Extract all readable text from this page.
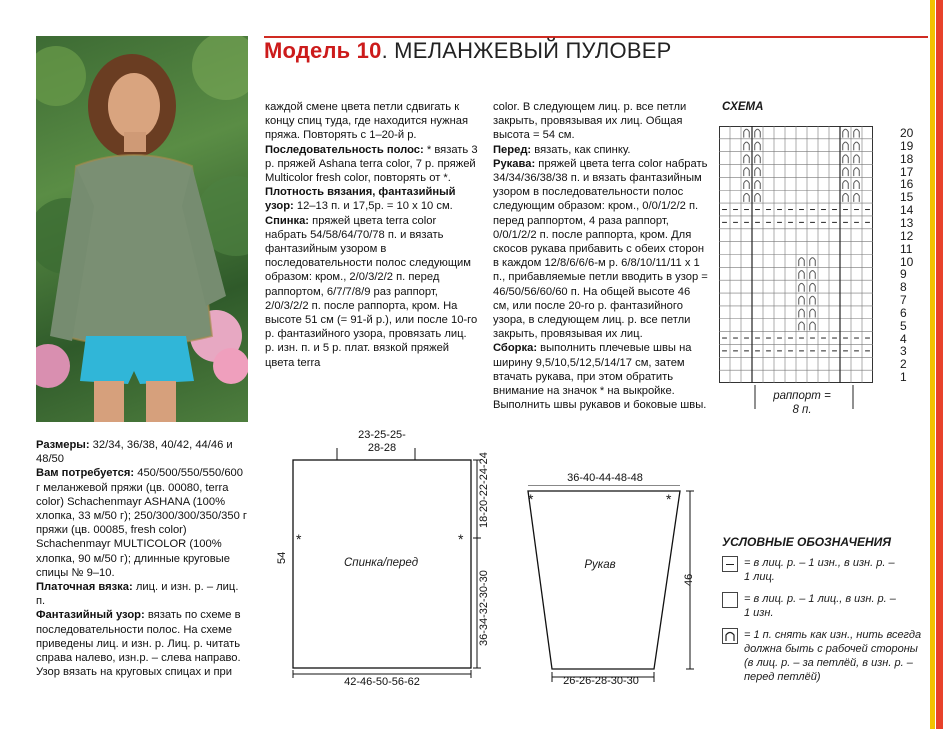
Модель 10. МЕЛАНЖЕВЫЙ ПУЛОВЕР

Размеры: 32/34, 36/38, 40/42, 44/46 и 48/50

Вам потребуется: 450/500/550/550/600 г меланжевой пряжи (цв. 00080, terra color) Schachenmayr ASHANA (100% хлопка, 33 м/50 г); 250/300/300/350/350 г пряжи (цв. 00085, fresh color) Schachenmayr MULTICOLOR (100% хлопка, 90 м/50 г); длинные круговые спицы № 9–10.

Платочная вязка: лиц. и изн. р. – лиц. п.

Фантазийный узор: вязать по схеме в последовательности полос. На схеме приведены лиц. и изн. р. Лиц. р. читать справа налево, изн.р. – слева направо. Узор вязать на круговых спицах и при

каждой смене цвета петли сдвигать к концу спиц туда, где находится нужная пряжа. Повторять с 1–20-й р.

Последовательность полос: * вязать 3 р. пряжей Ashana terra color, 7 р. пряжей Multicolor fresh color, повторять от *.

Плотность вязания, фантазийный узор: 12–13 п. и 17,5р. = 10 х 10 см.

Спинка: пряжей цвета terra color набрать 54/58/64/70/78 п. и вязать фантазийным узором в последовательности полос следующим образом: кром., 2/0/3/2/2 п. перед раппортом, 6/7/7/8/9 раз раппорт, 2/0/3/2/2 п. после раппорта, кром. На высоте 51 см (= 91-й р.), или после 10-го р. фантазийного узора, провязать лиц. р. изн. п. и 5 р. плат. вязкой пряжей цвета terra

color. В следующем лиц. р. все петли закрыть, провязывая их лиц. Общая высота = 54 см.

Перед: вязать, как спинку.

Рукава: пряжей цвета terra color набрать 34/34/36/38/38 п. и вязать фантазийным узором в последовательности полос следующим образом: кром., 0/0/1/2/2 п. перед раппортом, 4 раза раппорт, 0/0/1/2/2 п. после раппорта, кром. Для скосов рукава прибавить с обеих сторон в каждом 12/8/6/6/6-м р. 6/8/10/11/11 х 1 п., прибавляемые петли вводить в узор = 46/50/56/60/60 п. На общей высоте 46 см, или после 20-го р. фантазийного узора, в следующем лиц. р. все петли закрыть, провязывая их лиц.

Сборка: выполнить плечевые швы на ширину 9,5/10,5/12,5/14/17 см, затем втачать рукава, при этом обратить внимание на значок * на выкройке. Выполнить швы рукавов и боковые швы.

СХЕМА
20
19
18
17
16
15
14
13
12
11
10
9
8
7
6
5
4
3
2
1
раппорт =
8 п.
23-25-25-
28-28
42-46-50-56-62
54
18-20-22-24-24
36-34-32-30-30
Спинка/перед
*	*
36-40-44-48-48
26-26-28-30-30
46
Рукав
*	*
УСЛОВНЫЕ ОБОЗНАЧЕНИЯ
= в лиц. р. – 1 изн., в изн. р. –
1 лиц.
= в лиц. р. – 1 лиц., в изн. р. –
1 изн.
= 1 п. снять как изн., нить всегда
должна быть с рабочей стороны
(в лиц. р. – за петлёй, в изн. р. –
перед петлёй)
